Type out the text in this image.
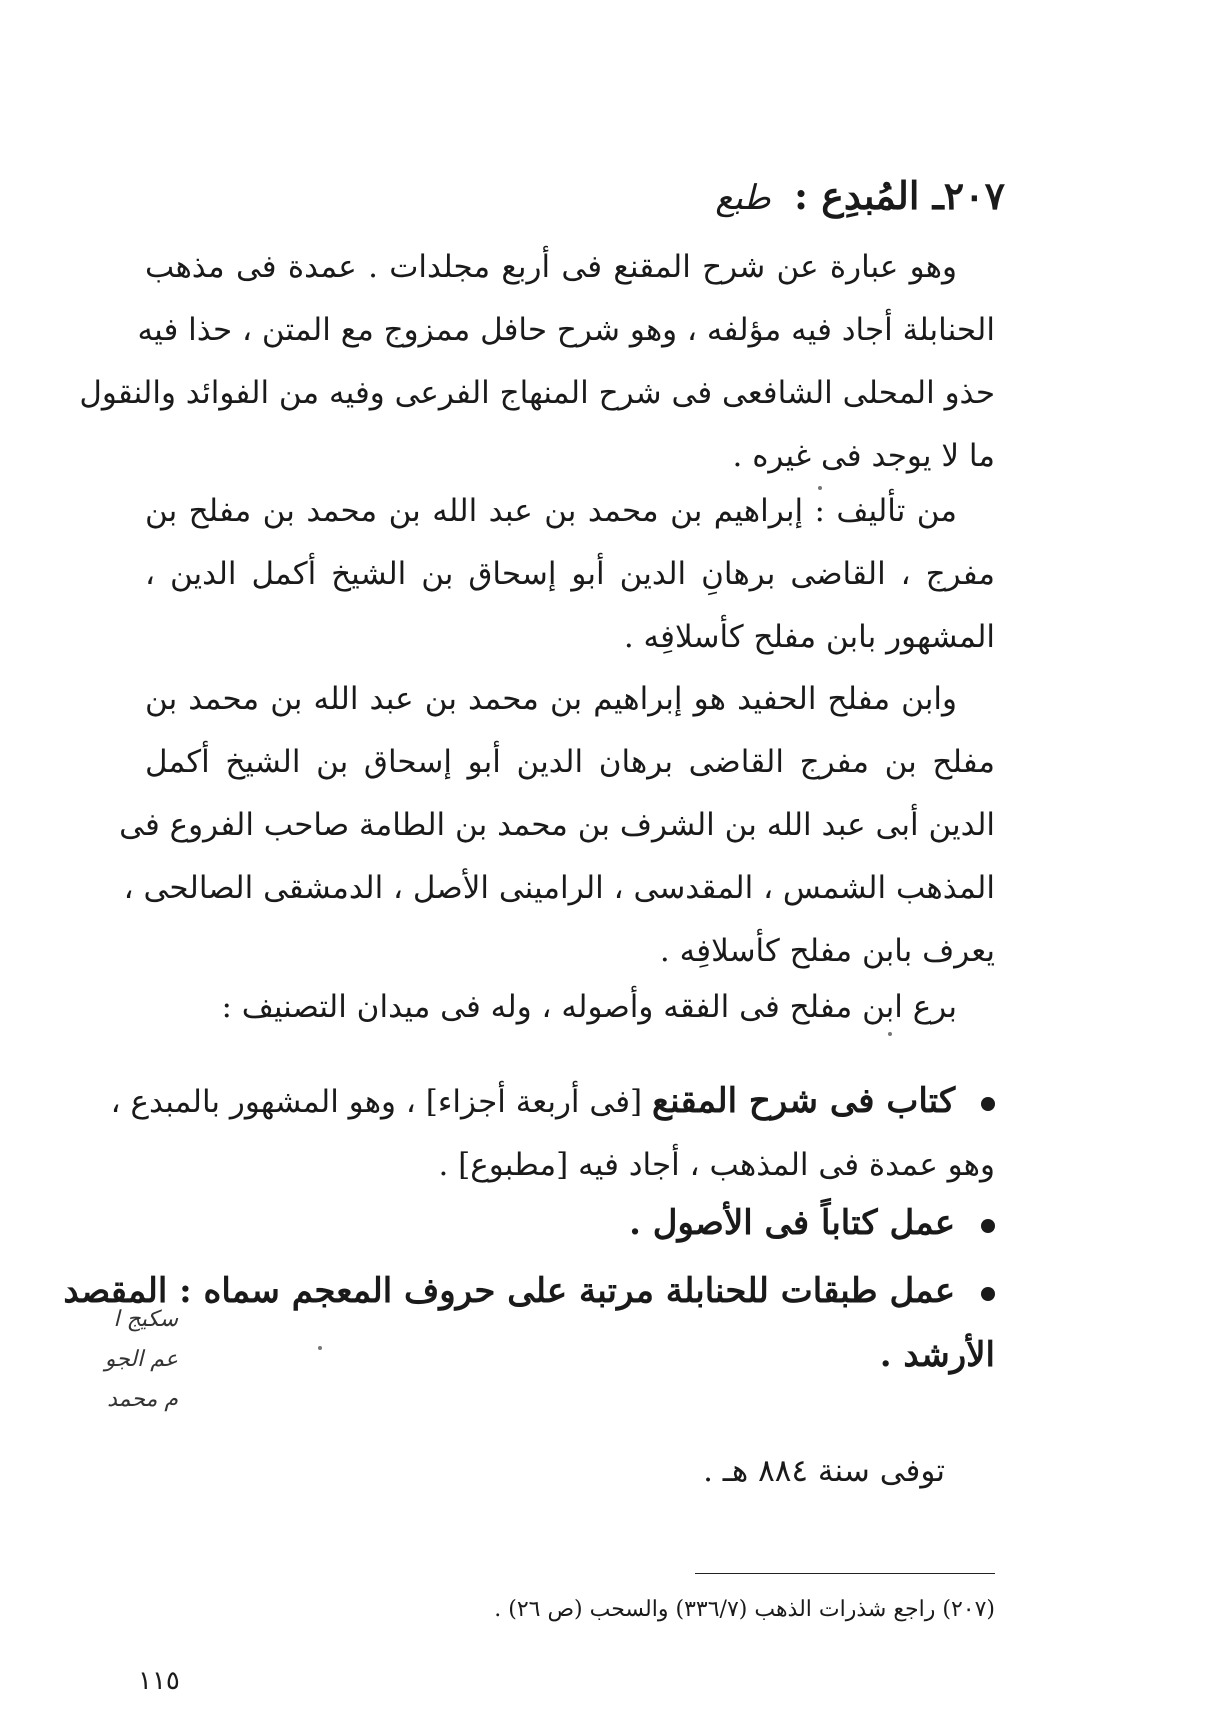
٢٠٧ـ المُبدِع : طبع
وهو عبارة عن شرح المقنع فى أربع مجلدات . عمدة فى مذهب
الحنابلة أجاد فيه مؤلفه ، وهو شرح حافل ممزوج مع المتن ، حذا فيه
حذو المحلى الشافعى فى شرح المنهاج الفرعى وفيه من الفوائد والنقول
ما لا يوجد فى غيره .
من تأليف : إبراهيم بن محمد بن عبد الله بن محمد بن مفلح بن
مفرج ، القاضى برهانِ الدين أبو إسحاق بن الشيخ أكمل الدين ،
المشهور بابن مفلح كأسلافِه .
وابن مفلح الحفيد هو إبراهيم بن محمد بن عبد الله بن محمد بن
مفلح بن مفرج القاضى برهان الدين أبو إسحاق بن الشيخ أكمل
الدين أبى عبد الله بن الشرف بن محمد بن الطامة صاحب الفروع فى
المذهب الشمس ، المقدسى ، الرامينى الأصل ، الدمشقى الصالحى ،
يعرف بابن مفلح كأسلافِه .
برع ابن مفلح فى الفقه وأصوله ، وله فى ميدان التصنيف :
كتاب فى شرح المقنع [فى أربعة أجزاء] ، وهو المشهور بالمبدع ،
وهو عمدة فى المذهب ، أجاد فيه [مطبوع] .
عمل كتاباً فى الأصول .
عمل طبقات للحنابلة مرتبة على حروف المعجم سماه : المقصد
الأرشد .
توفى سنة ٨٨٤ هـ .
سكيج ا
عم الجو
م محمد
(٢٠٧) راجع شذرات الذهب (٣٣٦/٧) والسحب (ص ٢٦) .
١١٥
